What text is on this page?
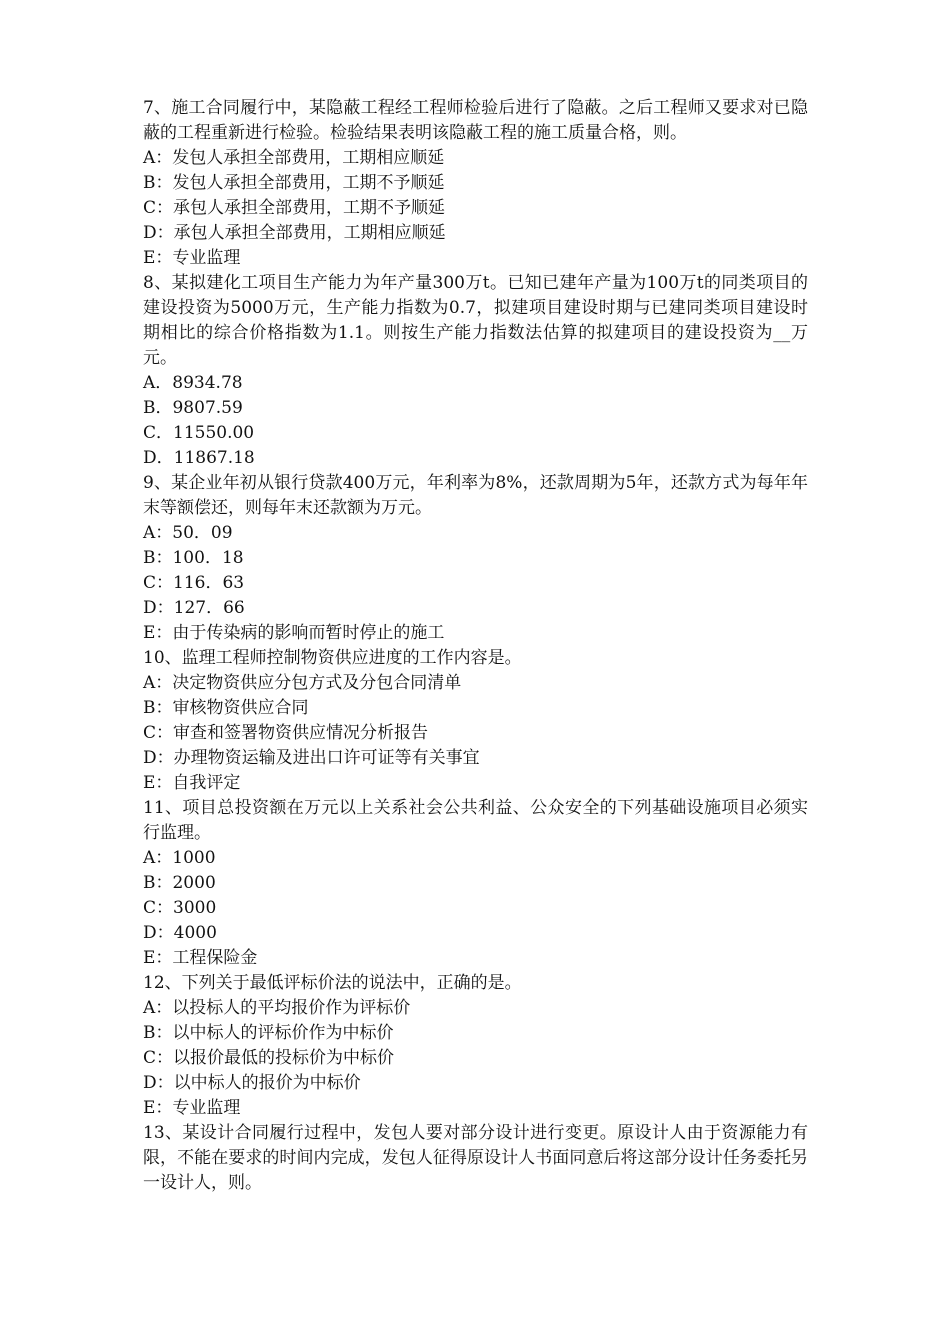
7、施工合同履行中，某隐蔽工程经工程师检验后进行了隐蔽。之后工程师又要求对已隐蔽的工程重新进行检验。检验结果表明该隐蔽工程的施工质量合格，则。

A：发包人承担全部费用，工期相应顺延

B：发包人承担全部费用，工期不予顺延

C：承包人承担全部费用，工期不予顺延

D：承包人承担全部费用，工期相应顺延

E：专业监理

8、某拟建化工项目生产能力为年产量300万t。已知已建年产量为100万t的同类项目的建设投资为5000万元，生产能力指数为0.7，拟建项目建设时期与已建同类项目建设时期相比的综合价格指数为1.1。则按生产能力指数法估算的拟建项目的建设投资为__万元。

A．8934.78

B．9807.59

C．11550.00

D．11867.18

9、某企业年初从银行贷款400万元，年利率为8%，还款周期为5年，还款方式为每年年末等额偿还，则每年末还款额为万元。

A：50．09

B：100．18

C：116．63

D：127．66

E：由于传染病的影响而暂时停止的施工

10、监理工程师控制物资供应进度的工作内容是。

A：决定物资供应分包方式及分包合同清单

B：审核物资供应合同

C：审查和签署物资供应情况分析报告

D：办理物资运输及进出口许可证等有关事宜

E：自我评定

11、项目总投资额在万元以上关系社会公共利益、公众安全的下列基础设施项目必须实行监理。

A：1000

B：2000

C：3000

D：4000

E：工程保险金

12、下列关于最低评标价法的说法中，正确的是。

A：以投标人的平均报价作为评标价

B：以中标人的评标价作为中标价

C：以报价最低的投标价为中标价

D：以中标人的报价为中标价

E：专业监理

13、某设计合同履行过程中，发包人要对部分设计进行变更。原设计人由于资源能力有限，不能在要求的时间内完成，发包人征得原设计人书面同意后将这部分设计任务委托另一设计人，则。
